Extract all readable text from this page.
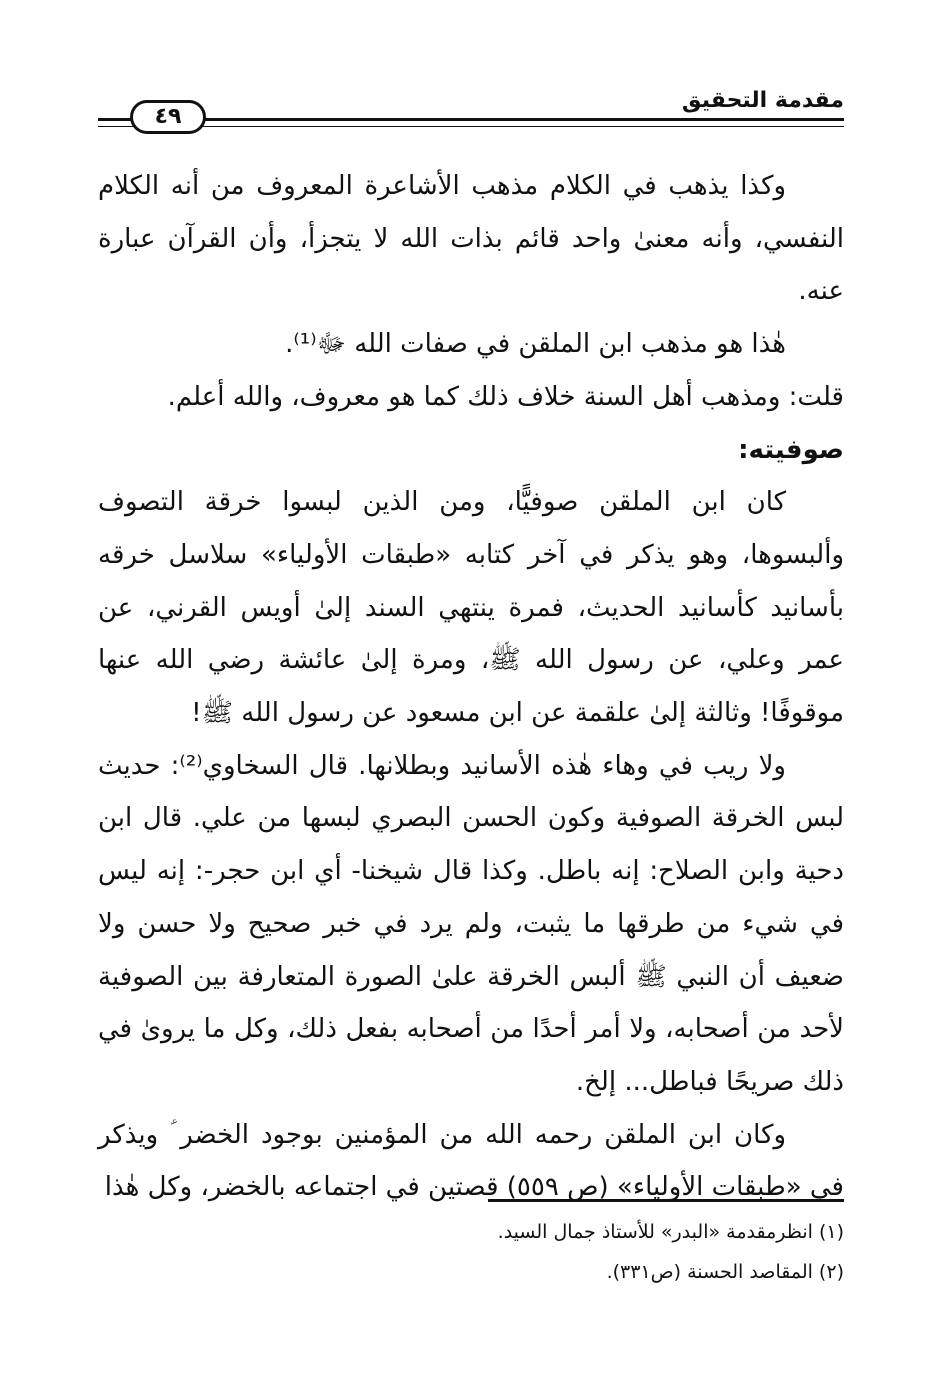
مقدمة التحقيق
٤٩

وكذا يذهب في الكلام مذهب الأشاعرة المعروف من أنه الكلام النفسي، وأنه معنىٰ واحد قائم بذات الله لا يتجزأ، وأن القرآن عبارة عنه.

هٰذا هو مذهب ابن الملقن في صفات الله ﷻ⁽¹⁾.

قلت: ومذهب أهل السنة خلاف ذلك كما هو معروف، والله أعلم.

صوفيته:

كان ابن الملقن صوفيًّا، ومن الذين لبسوا خرقة التصوف وألبسوها، وهو يذكر في آخر كتابه «طبقات الأولياء» سلاسل خرقه بأسانيد كأسانيد الحديث، فمرة ينتهي السند إلىٰ أويس القرني، عن عمر وعلي، عن رسول الله ﷺ، ومرة إلىٰ عائشة رضي الله عنها موقوفًا! وثالثة إلىٰ علقمة عن ابن مسعود عن رسول الله ﷺ!

ولا ريب في وهاء هٰذه الأسانيد وبطلانها. قال السخاوي⁽²⁾: حديث لبس الخرقة الصوفية وكون الحسن البصري لبسها من علي. قال ابن دحية وابن الصلاح: إنه باطل. وكذا قال شيخنا- أي ابن حجر-: إنه ليس في شيء من طرقها ما يثبت، ولم يرد في خبر صحيح ولا حسن ولا ضعيف أن النبي ﷺ ألبس الخرقة علىٰ الصورة المتعارفة بين الصوفية لأحد من أصحابه، ولا أمر أحدًا من أصحابه بفعل ذلك، وكل ما يروىٰ في ذلك صريحًا فباطل... إلخ.

وكان ابن الملقن رحمه الله من المؤمنين بوجود الخضر ؑ ويذكر في «طبقات الأولياء» (ص ٥٥٩) قصتين في اجتماعه بالخضر، وكل هٰذا

(١) انظرمقدمة «البدر» للأستاذ جمال السيد.

(٢) المقاصد الحسنة (ص٣٣١).
